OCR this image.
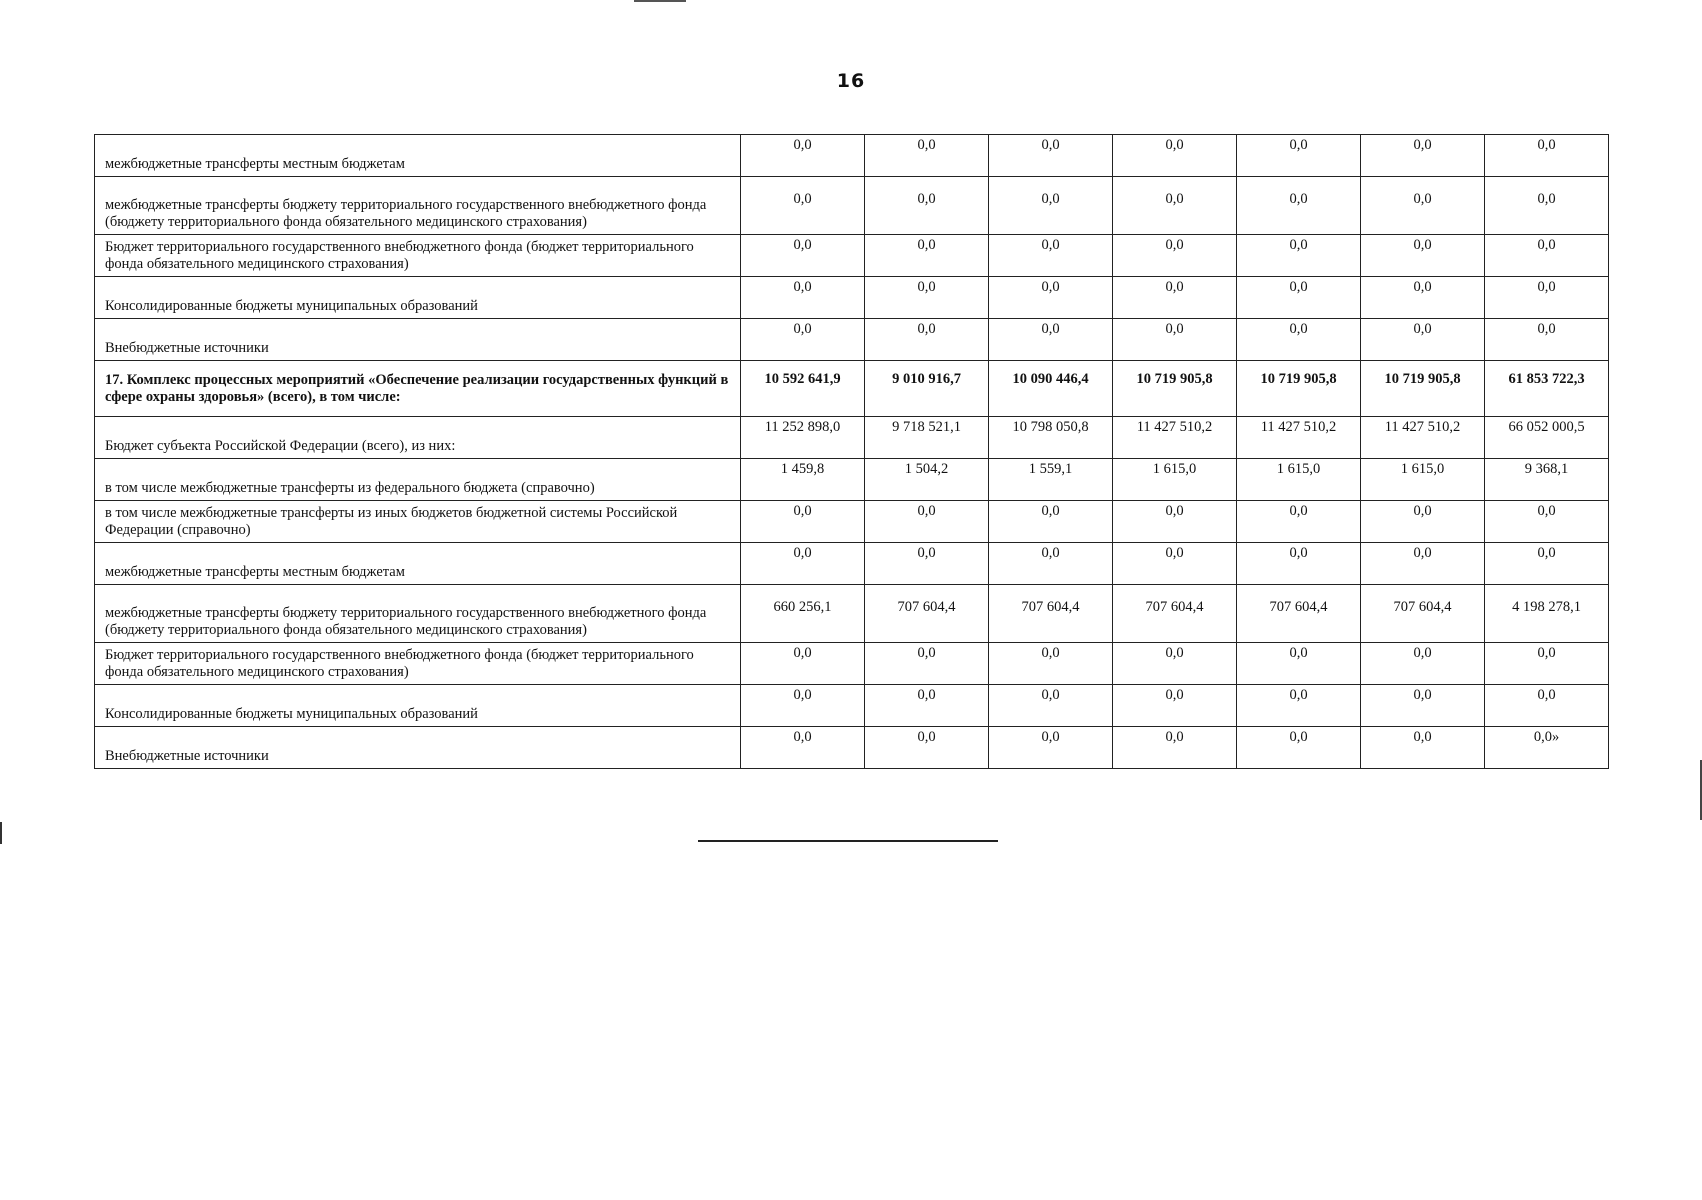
16
межбюджетные трансферты местным бюджетам	0,0	0,0	0,0	0,0	0,0	0,0	0,0
межбюджетные трансферты бюджету территориального государственного внебюджетного фонда (бюджету территориального фонда обязательного медицинского страхования)	0,0	0,0	0,0	0,0	0,0	0,0	0,0
Бюджет территориального государственного внебюджетного фонда (бюджет территориального фонда обязательного медицинского страхования)	0,0	0,0	0,0	0,0	0,0	0,0	0,0
Консолидированные бюджеты муниципальных образований	0,0	0,0	0,0	0,0	0,0	0,0	0,0
Внебюджетные источники	0,0	0,0	0,0	0,0	0,0	0,0	0,0
17. Комплекс процессных мероприятий «Обеспечение реализации государственных функций в сфере охраны здоровья» (всего), в том числе:	10 592 641,9	9 010 916,7	10 090 446,4	10 719 905,8	10 719 905,8	10 719 905,8	61 853 722,3
Бюджет субъекта Российской Федерации (всего), из них:	11 252 898,0	9 718 521,1	10 798 050,8	11 427 510,2	11 427 510,2	11 427 510,2	66 052 000,5
в том числе межбюджетные трансферты из федерального бюджета (справочно)	1 459,8	1 504,2	1 559,1	1 615,0	1 615,0	1 615,0	9 368,1
в том числе межбюджетные трансферты из иных бюджетов бюджетной системы Российской Федерации (справочно)	0,0	0,0	0,0	0,0	0,0	0,0	0,0
межбюджетные трансферты местным бюджетам	0,0	0,0	0,0	0,0	0,0	0,0	0,0
межбюджетные трансферты бюджету территориального государственного внебюджетного фонда (бюджету территориального фонда обязательного медицинского страхования)	660 256,1	707 604,4	707 604,4	707 604,4	707 604,4	707 604,4	4 198 278,1
Бюджет территориального государственного внебюджетного фонда (бюджет территориального фонда обязательного медицинского страхования)	0,0	0,0	0,0	0,0	0,0	0,0	0,0
Консолидированные бюджеты муниципальных образований	0,0	0,0	0,0	0,0	0,0	0,0	0,0
Внебюджетные источники	0,0	0,0	0,0	0,0	0,0	0,0	0,0»
